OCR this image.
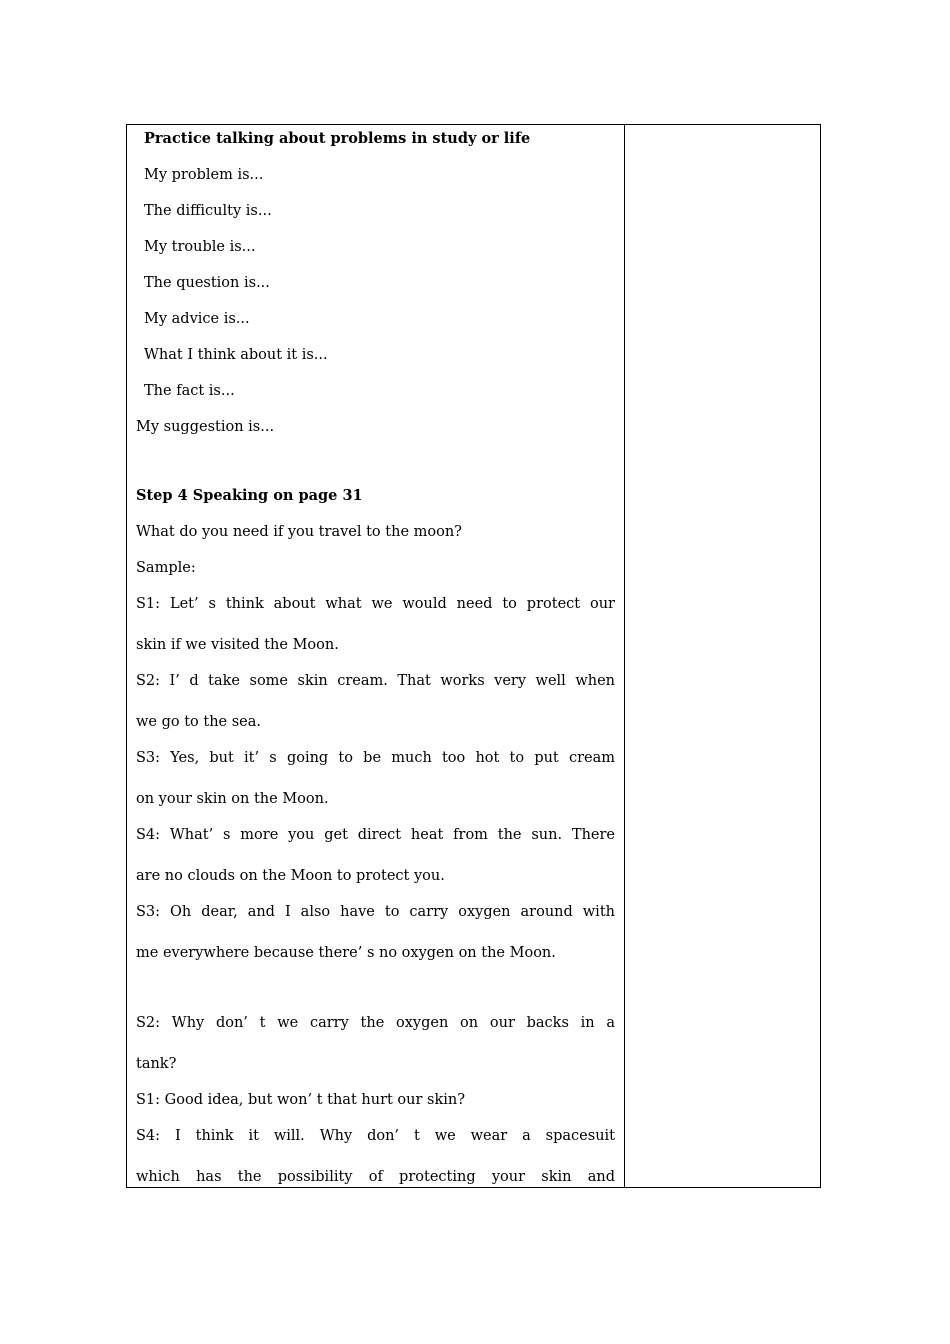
Practice talking about problems in study or life
My problem is...
The difficulty is...
My trouble is...
The question is...
My advice is...
What I think about it is...
The fact is...
My suggestion is...
Step 4 Speaking on page 31
What do you need if you travel to the moon?
Sample:
S1: Let’ s think about what we would need to protect our
skin if we visited the Moon.
S2: I’ d take some skin cream. That works very well when
we go to the sea.
S3: Yes, but it’ s going to be much too hot to put cream
on your skin on the Moon.
S4: What’ s more you get direct heat from the sun. There
are no clouds on the Moon to protect you.
S3: Oh dear, and I also have to carry oxygen around with
me everywhere because there’ s no oxygen on the Moon.
S2: Why don’ t we carry the oxygen on our backs in a
tank?
S1: Good idea, but won’ t that hurt our skin?
S4: I think it will. Why don’ t we wear a spacesuit
which has the possibility of protecting your skin and
